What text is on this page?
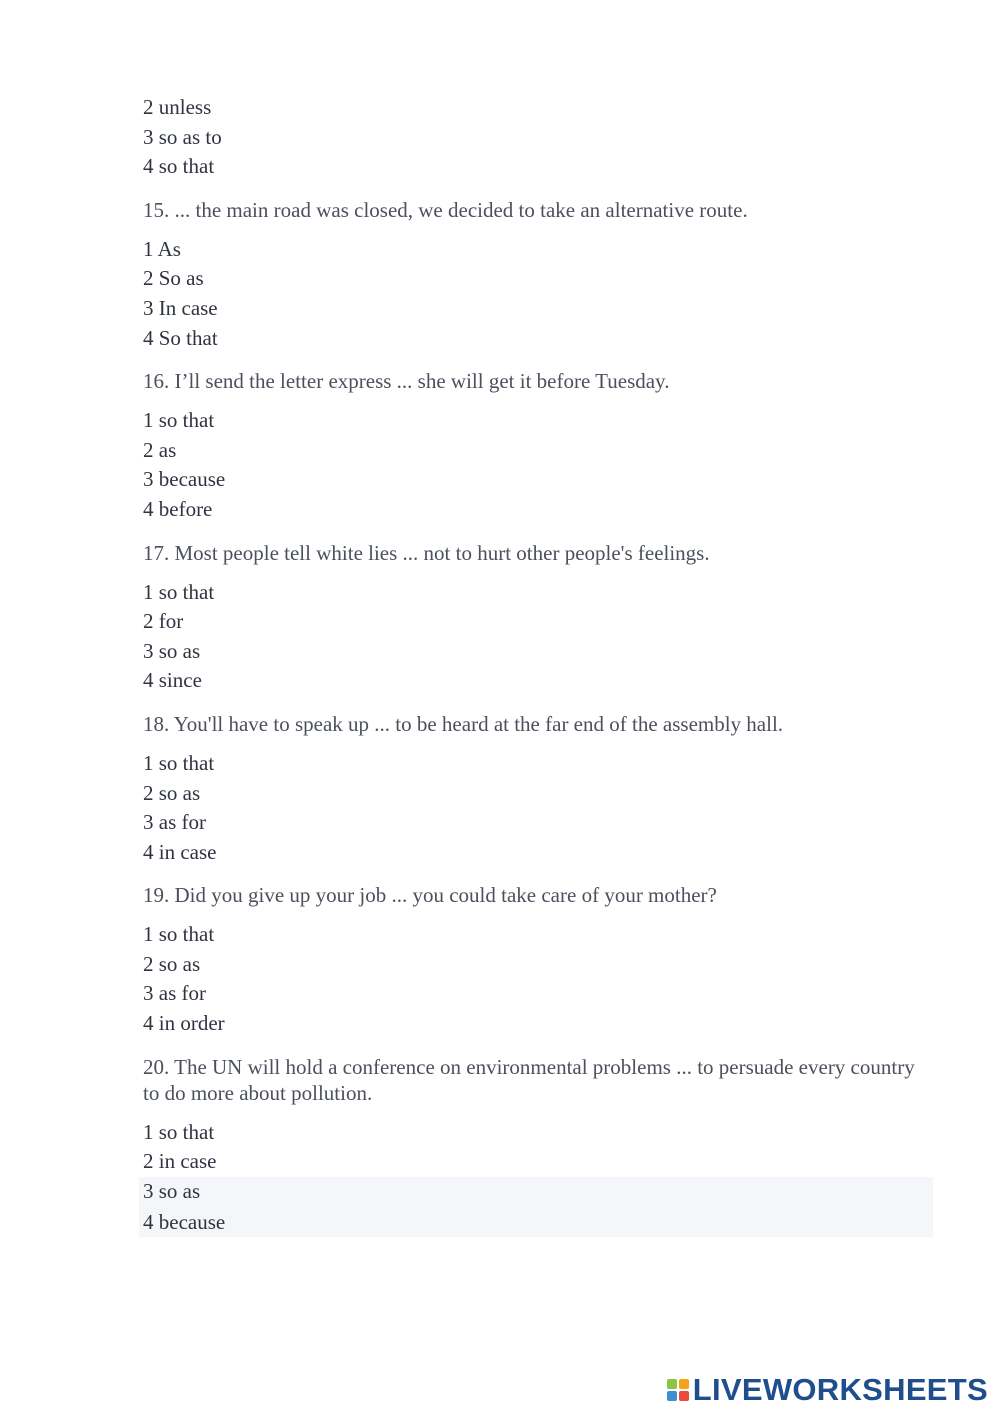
2 unless
3 so as to
4 so that
15. ... the main road was closed, we decided to take an alternative route.
1 As
2 So as
3 In case
4 So that
16. I’ll send the letter express ... she will get it before Tuesday.
1 so that
2 as
3 because
4 before
17. Most people tell white lies ... not to hurt other people's feelings.
1 so that
2 for
3 so as
4 since
18. You'll have to speak up ... to be heard at the far end of the assembly hall.
1 so that
2 so as
3 as for
4 in case
19. Did you give up your job ... you could take care of your mother?
1 so that
2 so as
3 as for
4 in order
20. The UN will hold a conference on environmental problems ... to persuade every country to do more about pollution.
1 so that
2 in case
3 so as
4 because
LIVEWORKSHEETS
